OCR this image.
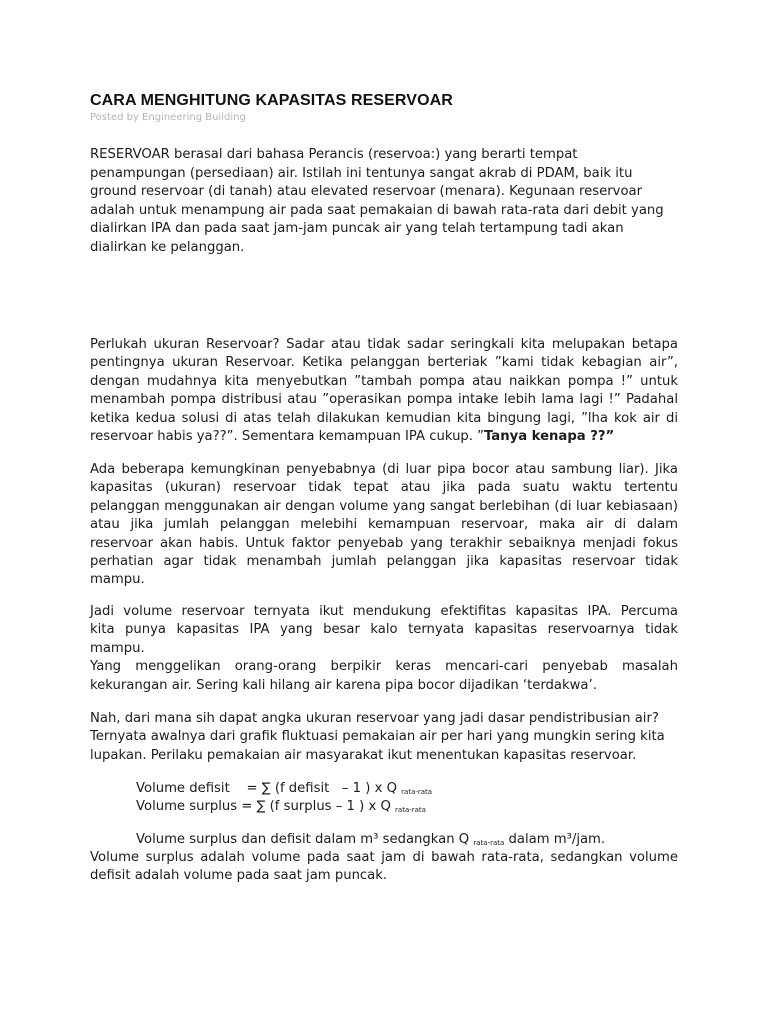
CARA MENGHITUNG KAPASITAS RESERVOAR
Posted by Engineering Building
RESERVOAR berasal dari bahasa Perancis (reservoa:) yang berarti tempat
penampungan (persediaan) air. Istilah ini tentunya sangat akrab di PDAM, baik itu
ground reservoar (di tanah) atau elevated reservoar (menara). Kegunaan reservoar
adalah untuk menampung air pada saat pemakaian di bawah rata-rata dari debit yang
dialirkan IPA dan pada saat jam-jam puncak air yang telah tertampung tadi akan
dialirkan ke pelanggan.
Perlukah ukuran Reservoar? Sadar atau tidak sadar seringkali kita melupakan betapa
pentingnya ukuran Reservoar. Ketika pelanggan berteriak ”kami tidak kebagian air”,
dengan mudahnya kita menyebutkan ”tambah pompa atau naikkan pompa !” untuk
menambah pompa distribusi atau ”operasikan pompa intake lebih lama lagi !” Padahal
ketika kedua solusi di atas telah dilakukan kemudian kita bingung lagi, ”lha kok air di
reservoar habis ya??”. Sementara kemampuan IPA cukup. ”Tanya kenapa ??”
Ada beberapa kemungkinan penyebabnya (di luar pipa bocor atau sambung liar). Jika
kapasitas (ukuran) reservoar tidak tepat atau jika pada suatu waktu tertentu
pelanggan menggunakan air dengan volume yang sangat berlebihan (di luar kebiasaan)
atau jika jumlah pelanggan melebihi kemampuan reservoar, maka air di dalam
reservoar akan habis. Untuk faktor penyebab yang terakhir sebaiknya menjadi fokus
perhatian agar tidak menambah jumlah pelanggan jika kapasitas reservoar tidak
mampu.
Jadi volume reservoar ternyata ikut mendukung efektifitas kapasitas IPA. Percuma
kita punya kapasitas IPA yang besar kalo ternyata kapasitas reservoarnya tidak
mampu.
Yang menggelikan orang-orang berpikir keras mencari-cari penyebab masalah
kekurangan air. Sering kali hilang air karena pipa bocor dijadikan ‘terdakwa’.
Nah, dari mana sih dapat angka ukuran reservoar yang jadi dasar pendistribusian air?
Ternyata awalnya dari grafik fluktuasi pemakaian air per hari yang mungkin sering kita
lupakan. Perilaku pemakaian air masyarakat ikut menentukan kapasitas reservoar.
Volume defisit    = ∑ (f defisit   – 1 ) x Q $_{rata-rata}$
Volume surplus = ∑ (f surplus – 1 ) x Q $_{rata-rata}$
Volume surplus dan defisit dalam m³ sedangkan Q $_{rata-rata}$ dalam m³/jam.
Volume surplus adalah volume pada saat jam di bawah rata-rata, sedangkan volume
defisit adalah volume pada saat jam puncak.
